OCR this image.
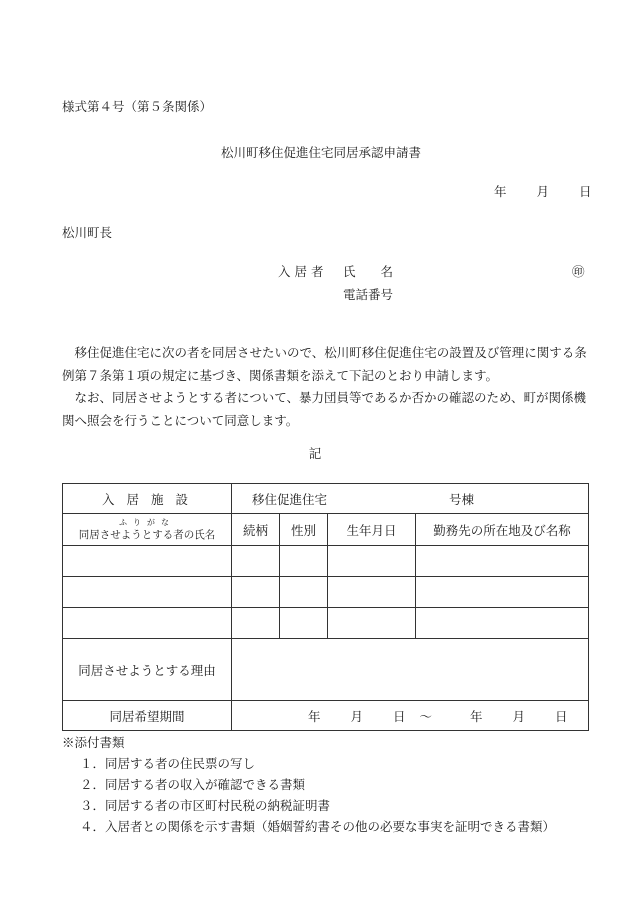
様式第４号（第５条関係）
松川町移住促進住宅同居承認申請書
年 月 日
松川町長
入 居 者 氏　　名	㊞
電話番号

　移住促進住宅に次の者を同居させたいので、松川町移住促進住宅の設置及び管理に関する条例第７条第１項の規定に基づき、関係書類を添えて下記のとおり申請します。

　なお、同居させようとする者について、暴力団員等であるか否かの確認のため、町が関係機関へ照会を行うことについて同意します。

記
入 居 施 設	移住促進住宅 号棟			

ふりがな
同居させようとする者の氏名	続柄	性別	生年月日	勤務先の所在地及び名称

同居させようとする理由				
同居希望期間	年 月 日 ～ 年 月 日			
※添付書類
１．同居する者の住民票の写し
２．同居する者の収入が確認できる書類
３．同居する者の市区町村民税の納税証明書
４．入居者との関係を示す書類（婚姻誓約書その他の必要な事実を証明できる書類）
